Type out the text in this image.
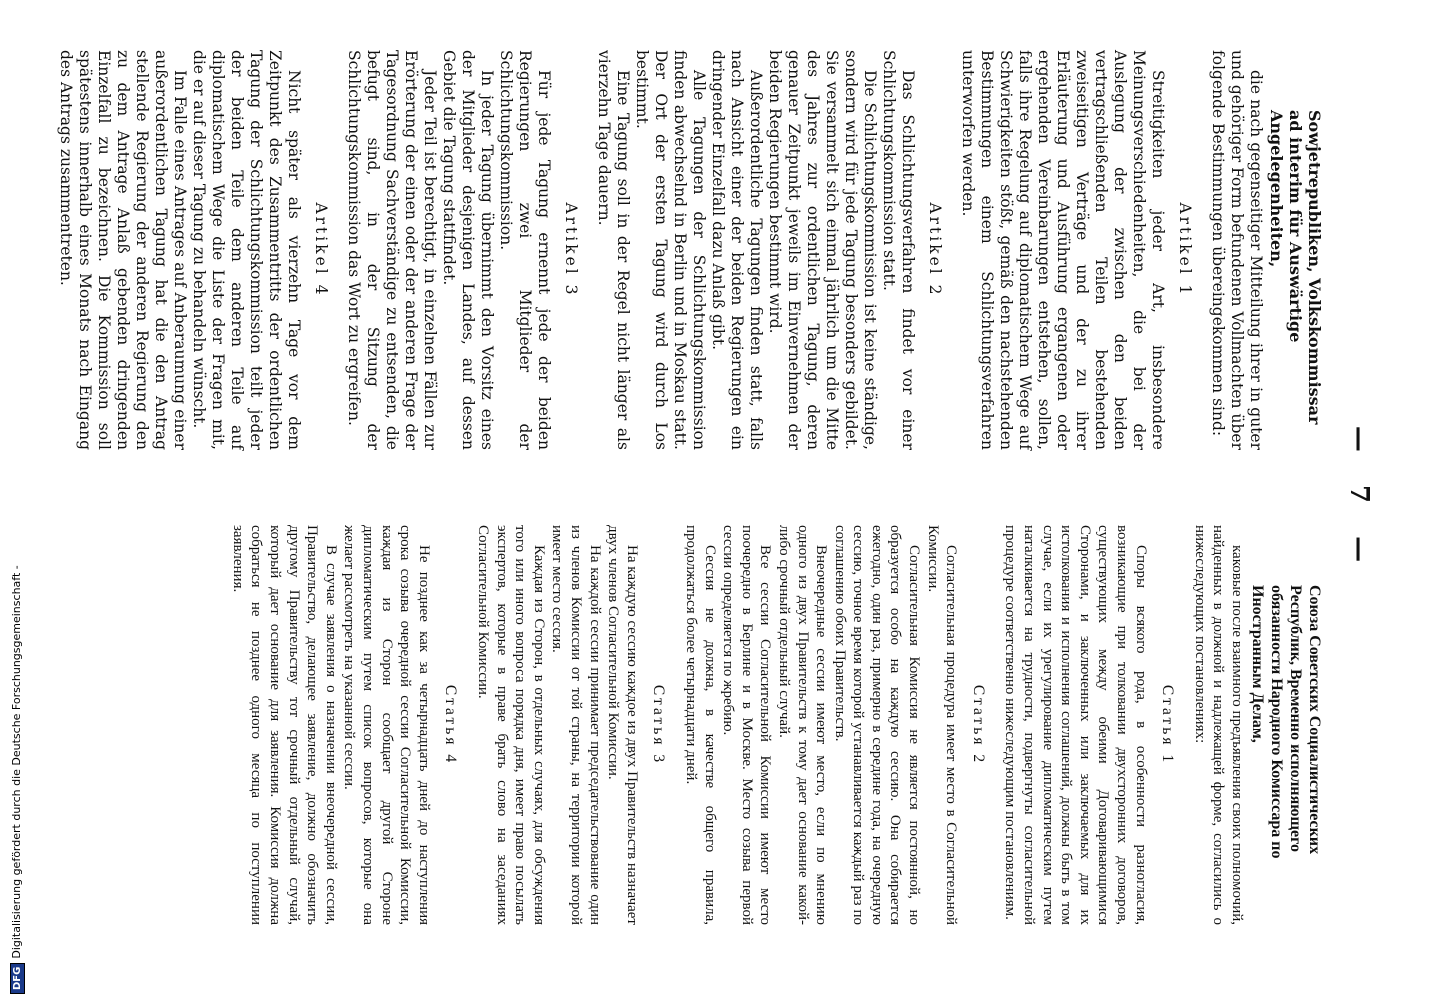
— 7 —
Sowjetrepubliken, Volkskommissar ad interim für Auswärtige Angelegenheiten,

die nach gegenseitiger Mitteilung ihrer in guter und gehöriger Form befundenen Vollmachten über folgende Bestimmungen übereingekommen sind:

Artikel 1

Streitigkeiten jeder Art, insbesondere Meinungsverschiedenheiten, die bei der Auslegung der zwischen den beiden vertragschließenden Teilen bestehenden zweiseitigen Verträge und der zu ihrer Erläuterung und Ausführung ergangenen oder ergehenden Vereinbarungen entstehen, sollen, falls ihre Regelung auf diplomatischem Wege auf Schwierigkeiten stößt, gemäß den nachstehenden Bestimmungen einem Schlichtungsverfahren unterworfen werden.

Artikel 2

Das Schlichtungsverfahren findet vor einer Schlichtungskommission statt.

Die Schlichtungskommission ist keine ständige, sondern wird für jede Tagung besonders gebildet. Sie versammelt sich einmal jährlich um die Mitte des Jahres zur ordentlichen Tagung, deren genauer Zeitpunkt jeweils im Einvernehmen der beiden Regierungen bestimmt wird.

Außerordentliche Tagungen finden statt, falls nach Ansicht einer der beiden Regierungen ein dringender Einzelfall dazu Anlaß gibt.

Alle Tagungen der Schlichtungskommission finden abwechselnd in Berlin und in Moskau statt. Der Ort der ersten Tagung wird durch Los bestimmt.

Eine Tagung soll in der Regel nicht länger als vierzehn Tage dauern.

Artikel 3

Für jede Tagung ernennt jede der beiden Regierungen zwei Mitglieder der Schlichtungskommission.

In jeder Tagung übernimmt den Vorsitz eines der Mitglieder desjenigen Landes, auf dessen Gebiet die Tagung stattfindet.

Jeder Teil ist berechtigt, in einzelnen Fällen zur Erörterung der einen oder der anderen Frage der Tagesordnung Sachverständige zu entsenden, die befugt sind, in der Sitzung der Schlichtungskommission das Wort zu ergreifen.

Artikel 4

Nicht später als vierzehn Tage vor dem Zeitpunkt des Zusammentritts der ordentlichen Tagung der Schlichtungskommission teilt jeder der beiden Teile dem anderen Teile auf diplomatischem Wege die Liste der Fragen mit, die er auf dieser Tagung zu behandeln wünscht.

Im Falle eines Antrages auf Anberaumung einer außerordentlichen Tagung hat die den Antrag stellende Regierung der anderen Regierung den zu dem Antrage Anlaß gebenden dringenden Einzelfall zu bezeichnen. Die Kommission soll spätestens innerhalb eines Monats nach Eingang des Antrags zusammentreten.

Союза Советских Социалистических Республик, Временно исполняющего обязанности Народного Комиссара по Иностранным Делам,

каковые после взаимного предъявления своих полномочий, найденных в должной и надлежащей форме, согласились о нижеследующих постановлениях:

Статья 1

Споры всякого рода, в особенности разногласия, возникающие при толковании двухсторонних договоров, существующих между обеими Договаривающимися Сторонами, и заключенных или заключаемых для их истолкования и исполнения соглашений, должны быть в том случае, если их урегулирование дипломатическим путем наталкивается на трудности, подвергнуты согласительной процедуре соответственно нижеследующим постановлениям.

Статья 2

Согласительная процедура имеет место в Согласительной Комиссии.

Согласительная Комиссия не является постоянной, но образуется особо на каждую сессию. Она собирается ежегодно, один раз, примерно в середине года, на очередную сессию, точное время которой устанавливается каждый раз по соглашению обоих Правительств.

Внеочередные сессии имеют место, если по мнению одного из двух Правительств к тому дает основание какой-либо срочный отдельный случай.

Все сессии Согласительной Комиссии имеют место поочередно в Берлине и в Москве. Место созыва первой сессии определяется по жребию.

Сессия не должна, в качестве общего правила, продолжаться более четырнадцати дней.

Статья 3

На каждую сессию каждое из двух Правительств назначает двух членов Согласительной Комиссии.

На каждой сессии принимает председательствование один из членов Комиссии от той страны, на территории которой имеет место сессия.

Каждая из Сторон, в отдельных случаях, для обсуждения того или иного вопроса порядка дня, имеет право посылать экспертов, которые в праве брать слово на заседаниях Согласительной Комиссии.

Статья 4

Не позднее как за четырнадцать дней до наступления срока созыва очередной сессии Согласительной Комиссии, каждая из Сторон сообщает другой Стороне дипломатическим путем список вопросов, которые она желает рассмотреть на указанной сессии.

В случае заявления о назначении внеочередной сессии, Правительство, делающее заявление, должно обозначить другому Правительству тот срочный отдельный случай, который дает основание для заявления. Комиссия должна собраться не позднее одного месяца по поступлении заявления.

DFGDigitalisierung gefördert durch die Deutsche Forschungsgemeinschaft -
